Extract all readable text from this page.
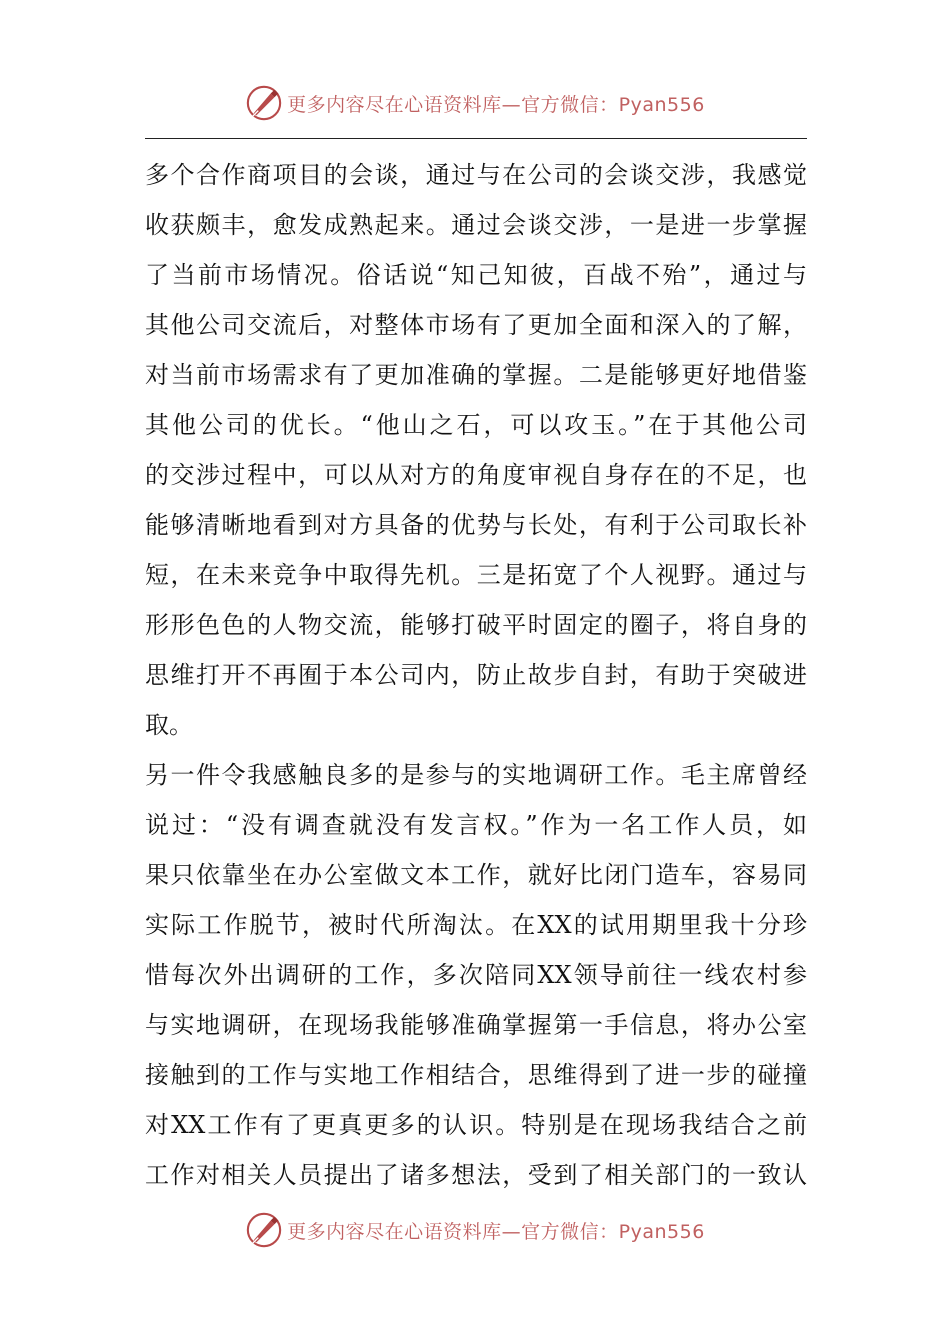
更多内容尽在心语资料库—官方微信：Pyan556
多个合作商项目的会谈，通过与在公司的会谈交涉，我感觉
收获颇丰，愈发成熟起来。通过会谈交涉，一是进一步掌握
了当前市场情况。俗话说“知己知彼，百战不殆”，通过与
其他公司交流后，对整体市场有了更加全面和深入的了解，
对当前市场需求有了更加准确的掌握。二是能够更好地借鉴
其他公司的优长。“他山之石，可以攻玉。”在于其他公司
的交涉过程中，可以从对方的角度审视自身存在的不足，也
能够清晰地看到对方具备的优势与长处，有利于公司取长补
短，在未来竞争中取得先机。三是拓宽了个人视野。通过与
形形色色的人物交流，能够打破平时固定的圈子，将自身的
思维打开不再囿于本公司内，防止故步自封，有助于突破进
取。
另一件令我感触良多的是参与的实地调研工作。毛主席曾经
说过：“没有调查就没有发言权。”作为一名工作人员，如
果只依靠坐在办公室做文本工作，就好比闭门造车，容易同
实际工作脱节，被时代所淘汰。在XX的试用期里我十分珍
惜每次外出调研的工作，多次陪同XX领导前往一线农村参
与实地调研，在现场我能够准确掌握第一手信息，将办公室
接触到的工作与实地工作相结合，思维得到了进一步的碰撞
对XX工作有了更真更多的认识。特别是在现场我结合之前
工作对相关人员提出了诸多想法，受到了相关部门的一致认
更多内容尽在心语资料库—官方微信：Pyan556
